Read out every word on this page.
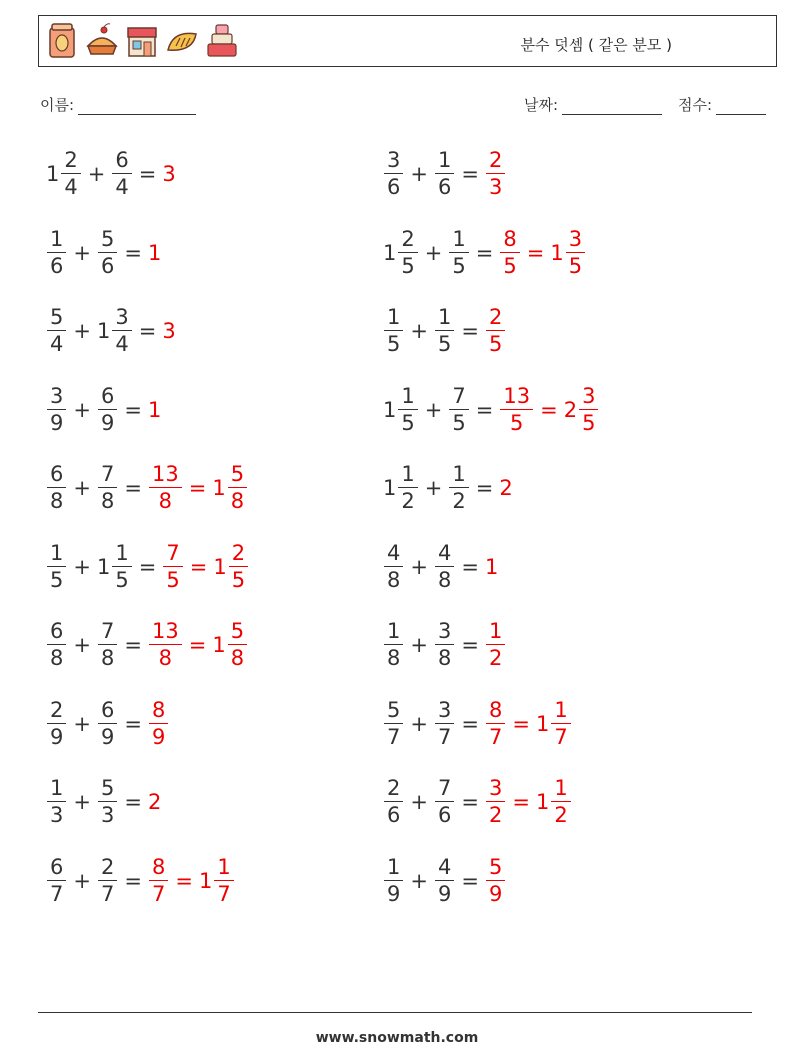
분수 덧셈 ( 같은 분모 )
이름:	날짜:	점수:
$1 \frac{2}{4} + \frac{6}{4} = 3$	$\frac{3}{6} + \frac{1}{6} = \frac{2}{3}$
$\frac{1}{6} + \frac{5}{6} = 1$	$1 \frac{2}{5} + \frac{1}{5} = \frac{8}{5} = 1 \frac{3}{5}$
$\frac{5}{4} + 1 \frac{3}{4} = 3$	$\frac{1}{5} + \frac{1}{5} = \frac{2}{5}$
$\frac{3}{9} + \frac{6}{9} = 1$	$1 \frac{1}{5} + \frac{7}{5} = \frac{13}{5} = 2 \frac{3}{5}$
$\frac{6}{8} + \frac{7}{8} = \frac{13}{8} = 1 \frac{5}{8}$	$1 \frac{1}{2} + \frac{1}{2} = 2$
$\frac{1}{5} + 1 \frac{1}{5} = \frac{7}{5} = 1 \frac{2}{5}$	$\frac{4}{8} + \frac{4}{8} = 1$
$\frac{6}{8} + \frac{7}{8} = \frac{13}{8} = 1 \frac{5}{8}$	$\frac{1}{8} + \frac{3}{8} = \frac{1}{2}$
$\frac{2}{9} + \frac{6}{9} = \frac{8}{9}$	$\frac{5}{7} + \frac{3}{7} = \frac{8}{7} = 1 \frac{1}{7}$
$\frac{1}{3} + \frac{5}{3} = 2$	$\frac{2}{6} + \frac{7}{6} = \frac{3}{2} = 1 \frac{1}{2}$
$\frac{6}{7} + \frac{2}{7} = \frac{8}{7} = 1 \frac{1}{7}$	$\frac{1}{9} + \frac{4}{9} = \frac{5}{9}$
www.snowmath.com
